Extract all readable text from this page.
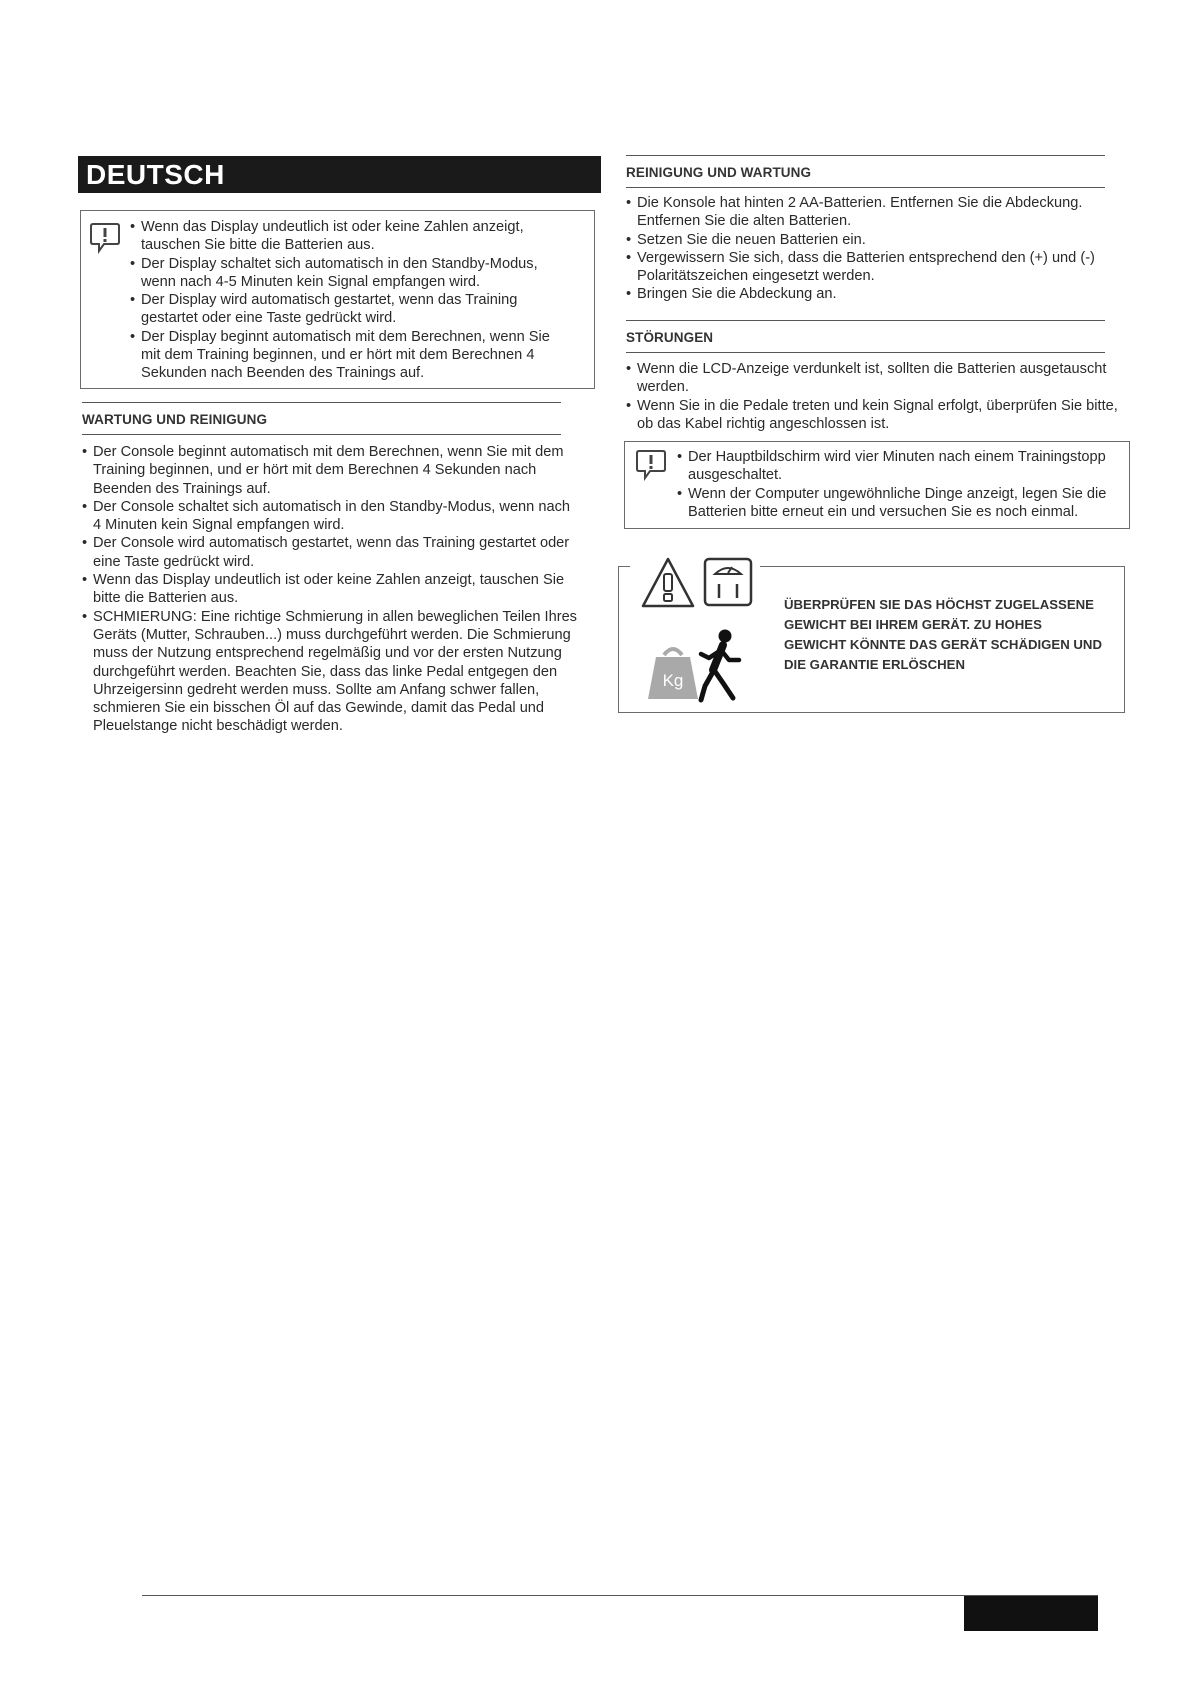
DEUTSCH
• Wenn das Display undeutlich ist oder keine Zahlen anzeigt, tauschen Sie bitte die Batterien aus.
• Der Display schaltet sich automatisch in den Standby-Modus, wenn nach 4-5 Minuten kein Signal empfangen wird.
• Der Display wird automatisch gestartet, wenn das Training gestartet oder eine Taste gedrückt wird.
• Der Display beginnt automatisch mit dem Berechnen, wenn Sie mit dem Training beginnen, und er hört mit dem Berechnen 4 Sekunden nach Beenden des Trainings auf.
WARTUNG UND REINIGUNG
• Der Console beginnt automatisch mit dem Berechnen, wenn Sie mit dem Training beginnen, und er hört mit dem Berechnen 4 Sekunden nach Beenden des Trainings auf.
• Der Console schaltet sich automatisch in den Standby-Modus, wenn nach 4 Minuten kein Signal empfangen wird.
• Der Console wird automatisch gestartet, wenn das Training gestartet oder eine Taste gedrückt wird.
• Wenn das Display undeutlich ist oder keine Zahlen anzeigt, tauschen Sie bitte die Batterien aus.
• SCHMIERUNG: Eine richtige Schmierung in allen beweglichen Teilen Ihres Geräts (Mutter, Schrauben...) muss durchgeführt werden. Die Schmierung muss der Nutzung entsprechend regelmäßig und vor der ersten Nutzung durchgeführt werden. Beachten Sie, dass das linke Pedal entgegen den Uhrzeigersinn gedreht werden muss. Sollte am Anfang schwer fallen, schmieren Sie ein bisschen Öl auf das Gewinde, damit das Pedal und Pleuelstange nicht beschädigt werden.
REINIGUNG UND WARTUNG
• Die Konsole hat hinten 2 AA-Batterien. Entfernen Sie die Abdeckung. Entfernen Sie die alten Batterien.
• Setzen Sie die neuen Batterien ein.
• Vergewissern Sie sich, dass die Batterien entsprechend den (+) und (-) Polaritätszeichen eingesetzt werden.
• Bringen Sie die Abdeckung an.
STÖRUNGEN
• Wenn die LCD-Anzeige verdunkelt ist, sollten die Batterien ausgetauscht werden.
• Wenn Sie in die Pedale treten und kein Signal erfolgt, überprüfen Sie bitte, ob das Kabel richtig angeschlossen ist.
• Der Hauptbildschirm wird vier Minuten nach einem Trainingstopp ausgeschaltet.
• Wenn der Computer ungewöhnliche Dinge anzeigt, legen Sie die Batterien bitte erneut ein und versuchen Sie es noch einmal.
Kg
ÜBERPRÜFEN SIE DAS HÖCHST ZUGELASSENE GEWICHT BEI IHREM GERÄT. ZU HOHES GEWICHT KÖNNTE DAS GERÄT SCHÄDIGEN UND DIE GARANTIE ERLÖSCHEN
